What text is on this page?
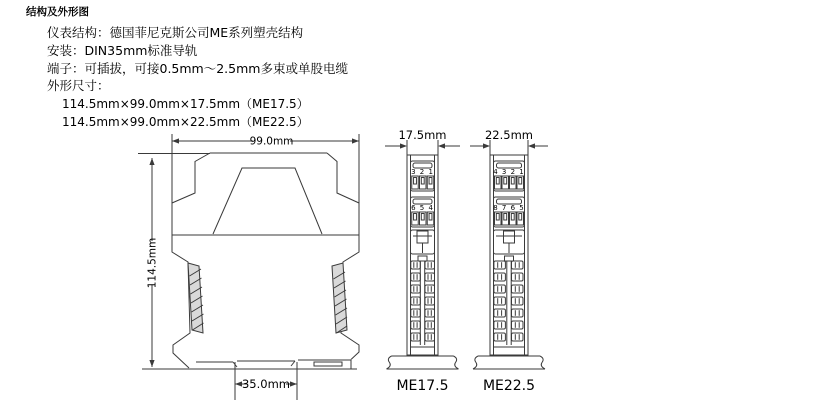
结构及外形图
仪表结构：德国菲尼克斯公司ME系列塑壳结构
安装：DIN35mm标准导轨
端子：可插拔，可接0.5mm～2.5mm多束或单股电缆
外形尺寸：
114.5mm×99.0mm×17.5mm（ME17.5）
114.5mm×99.0mm×22.5mm（ME22.5）
99.0mm
114.5mm
35.0mm
17.5mm
3 2 1
6 5 4
ME17.5
22.5mm
4 3 2 1
8 7 6 5
ME22.5
